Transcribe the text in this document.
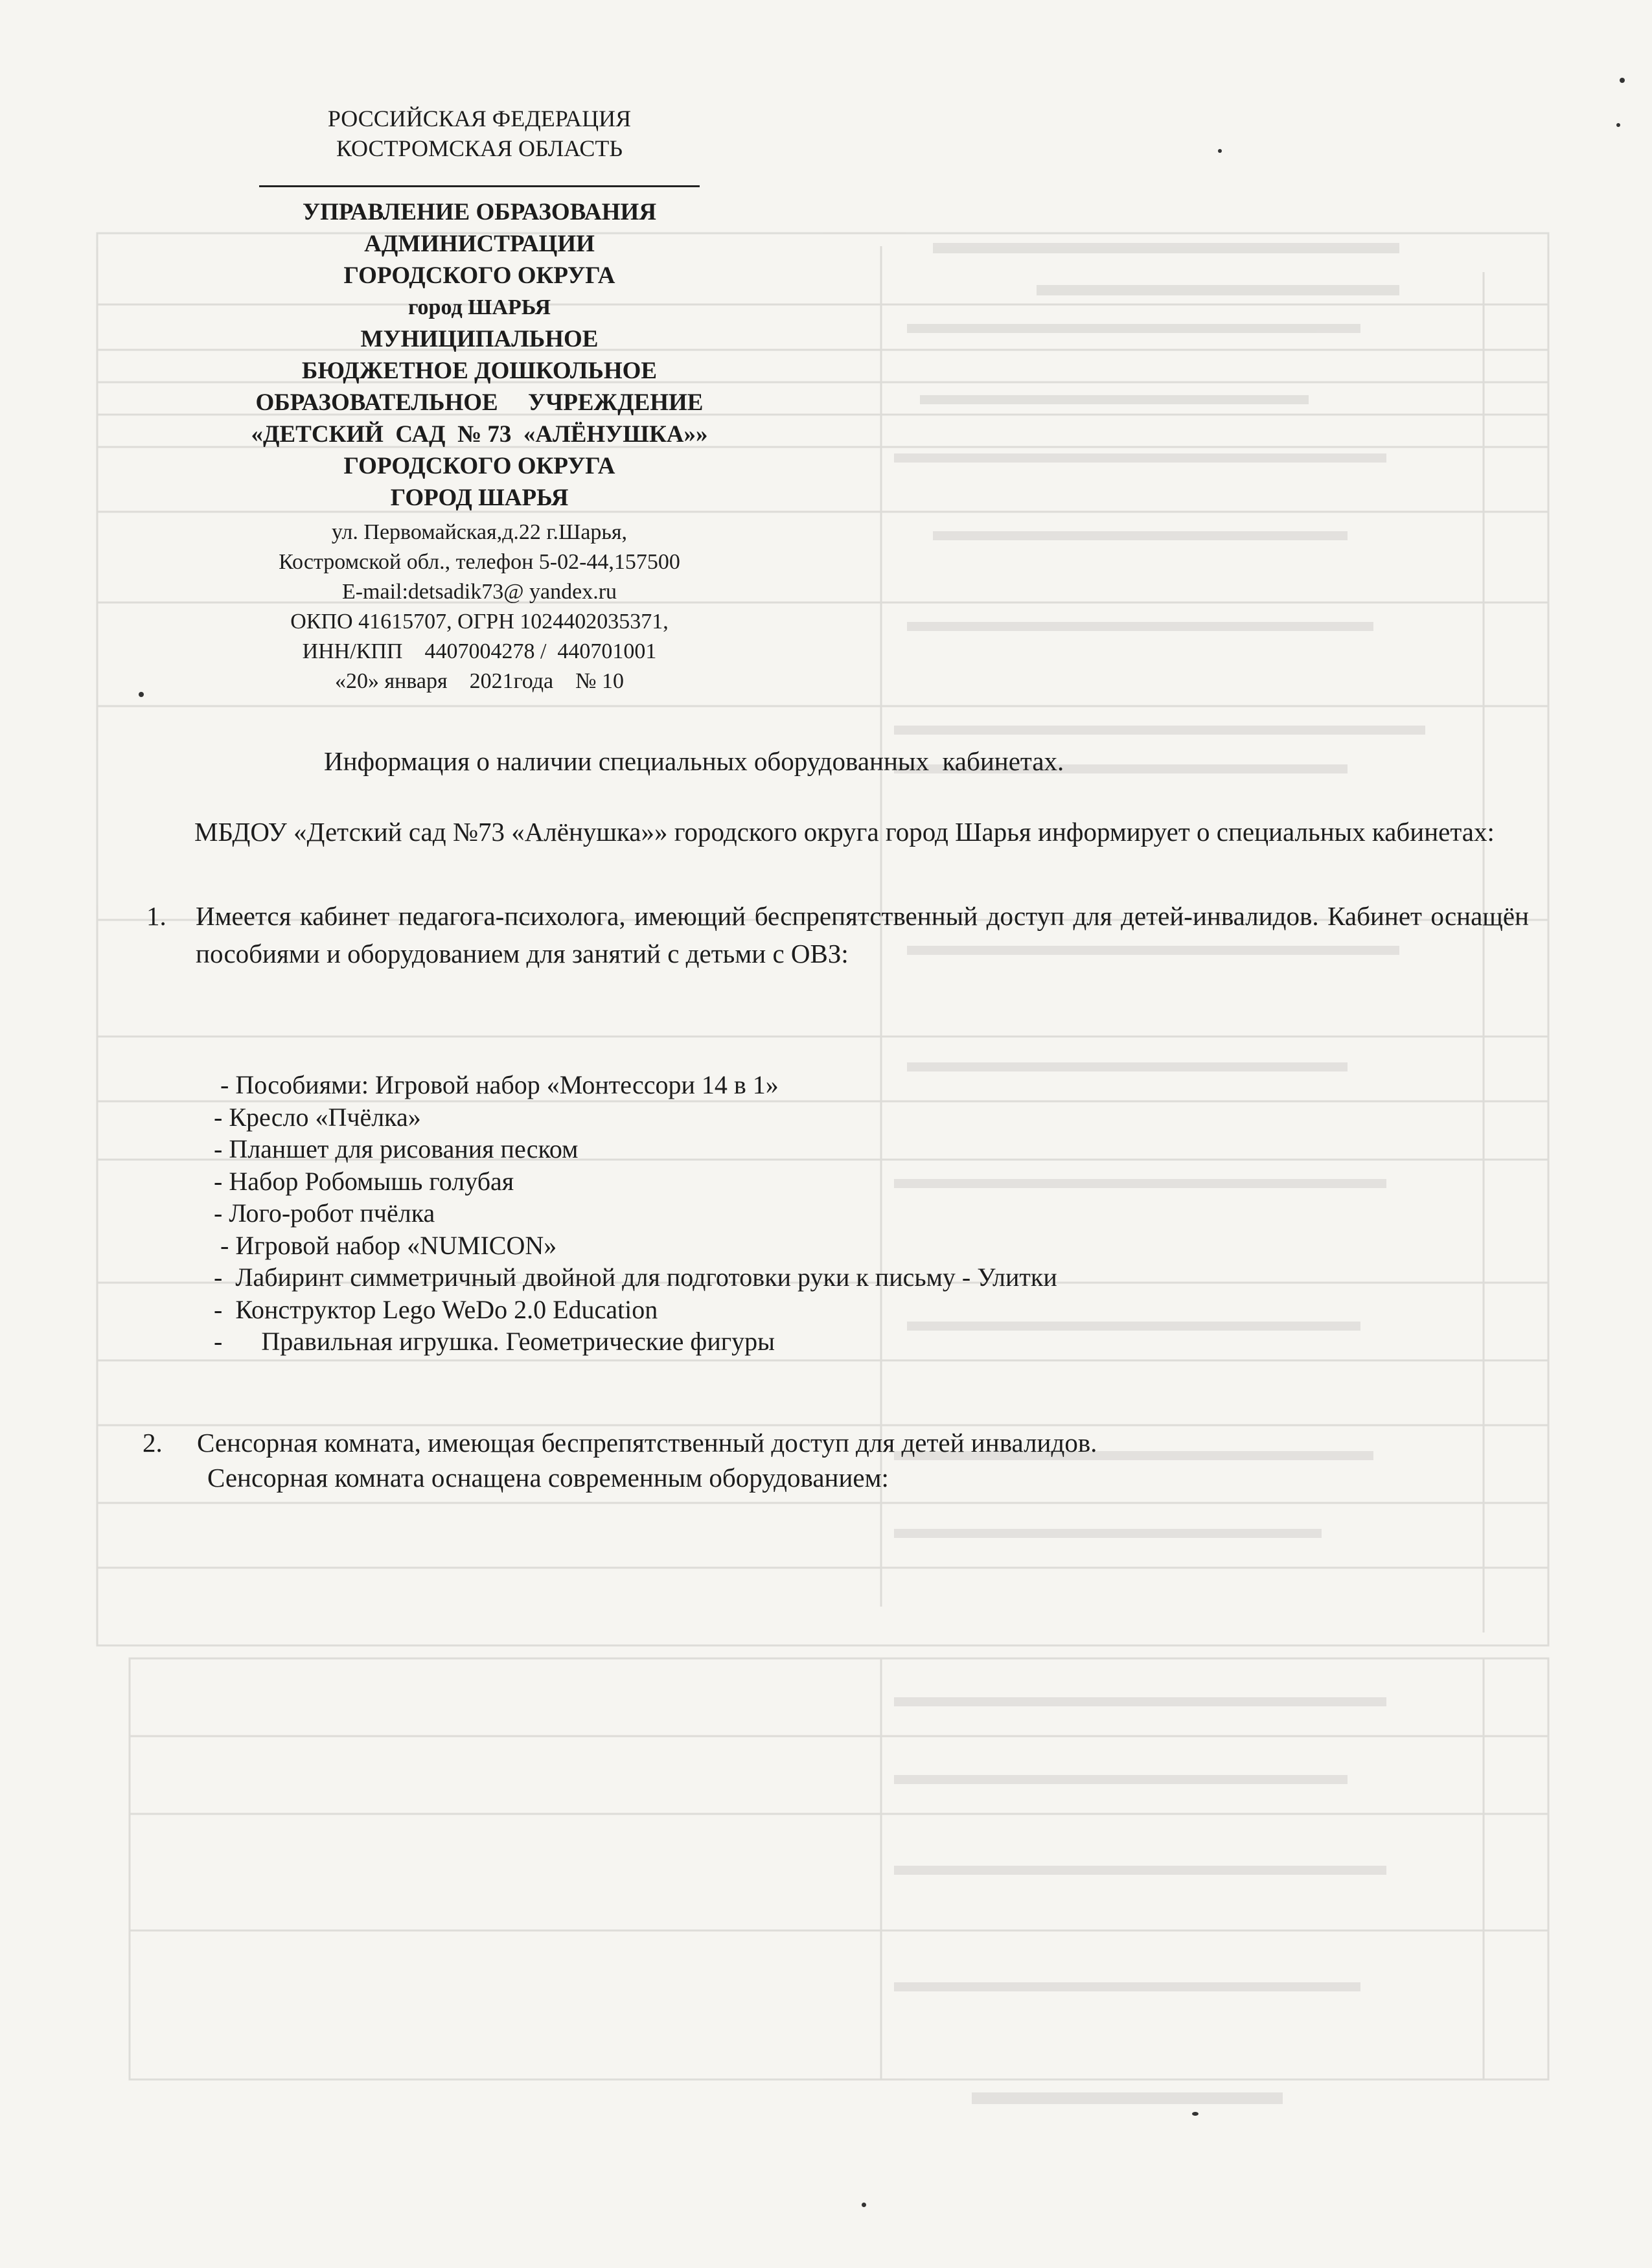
РОССИЙСКАЯ ФЕДЕРАЦИЯ
КОСТРОМСКАЯ ОБЛАСТЬ
УПРАВЛЕНИЕ ОБРАЗОВАНИЯ
АДМИНИСТРАЦИИ
ГОРОДСКОГО ОКРУГА
город ШАРЬЯ
МУНИЦИПАЛЬНОЕ
БЮДЖЕТНОЕ ДОШКОЛЬНОЕ
ОБРАЗОВАТЕЛЬНОЕ     УЧРЕЖДЕНИЕ
«ДЕТСКИЙ  САД  № 73  «АЛЁНУШКА»»
ГОРОДСКОГО ОКРУГА
ГОРОД ШАРЬЯ
ул. Первомайская,д.22 г.Шарья,
Костромской обл., телефон 5-02-44,157500
E-mail:detsadik73@ yandex.ru
ОКПО 41615707, ОГРН 1024402035371,
ИНН/КПП    4407004278 /  440701001
«20» января    2021года    № 10
Информация о наличии специальных оборудованных  кабинетах.
МБДОУ «Детский сад №73 «Алёнушка»» городского округа город Шарья информирует о специальных кабинетах:
1. Имеется кабинет педагога-психолога, имеющий беспрепятственный доступ для детей-инвалидов. Кабинет оснащён пособиями и оборудованием для занятий с детьми с ОВЗ:
- Пособиями: Игровой набор «Монтессори 14 в 1»
- Кресло «Пчёлка»
- Планшет для рисования песком
- Набор Робомышь голубая
- Лого-робот пчёлка
- Игровой набор «NUMICON»
-  Лабиринт симметричный двойной для подготовки руки к письму - Улитки
-  Конструктор Lego WeDo 2.0 Education
-      Правильная игрушка. Геометрические фигуры
2. Сенсорная комната, имеющая беспрепятственный доступ для детей инвалидов.
Сенсорная комната оснащена современным оборудованием:
